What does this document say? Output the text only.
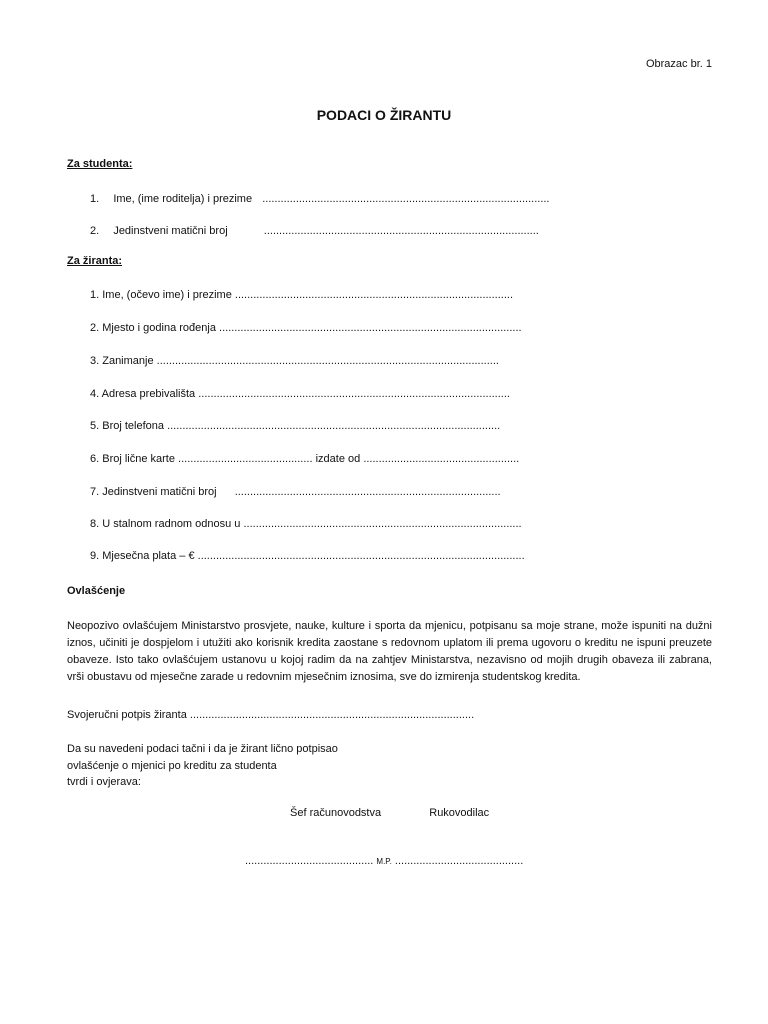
Obrazac br. 1
PODACI O ŽIRANTU
Za studenta:
1. Ime, (ime roditelja) i prezime ..............................................................................................
2. Jedinstveni matični broj	..........................................................................................
Za žiranta:
1. Ime, (očevo ime) i prezime ...........................................................................................
2. Mjesto i godina rođenja ...................................................................................................
3. Zanimanje ................................................................................................................
4. Adresa prebivališta ......................................................................................................
5. Broj telefona .............................................................................................................
6. Broj lične karte ............................................ izdate od ...................................................
7. Jedinstveni matični broj .......................................................................................
8. U stalnom radnom odnosu u ...........................................................................................
9. Mjesečna plata – € ...........................................................................................................
Ovlašćenje
Neopozivo ovlašćujem Ministarstvo prosvjete, nauke, kulture i sporta da mjenicu, potpisanu sa moje strane, može ispuniti na dužni iznos, učiniti je dospjelom i utužiti ako korisnik kredita zaostane s redovnom uplatom ili prema ugovoru o kreditu ne ispuni preuzete obaveze. Isto tako ovlašćujem ustanovu u kojoj radim da na zahtjev Ministarstva, nezavisno od mojih drugih obaveza ili zabrana, vrši obustavu od mjesečne zarade u redovnim mjesečnim iznosima, sve do izmirenja studentskog kredita.
Svojeručni potpis žiranta .............................................................................................
Da su navedeni podaci tačni i da je žirant lično potpisao
ovlašćenje o mjenici po kreditu za studenta
tvrdi i ovjerava:
Šef računovodstva	Rukovodilac
.......................................... M.P. ..........................................
